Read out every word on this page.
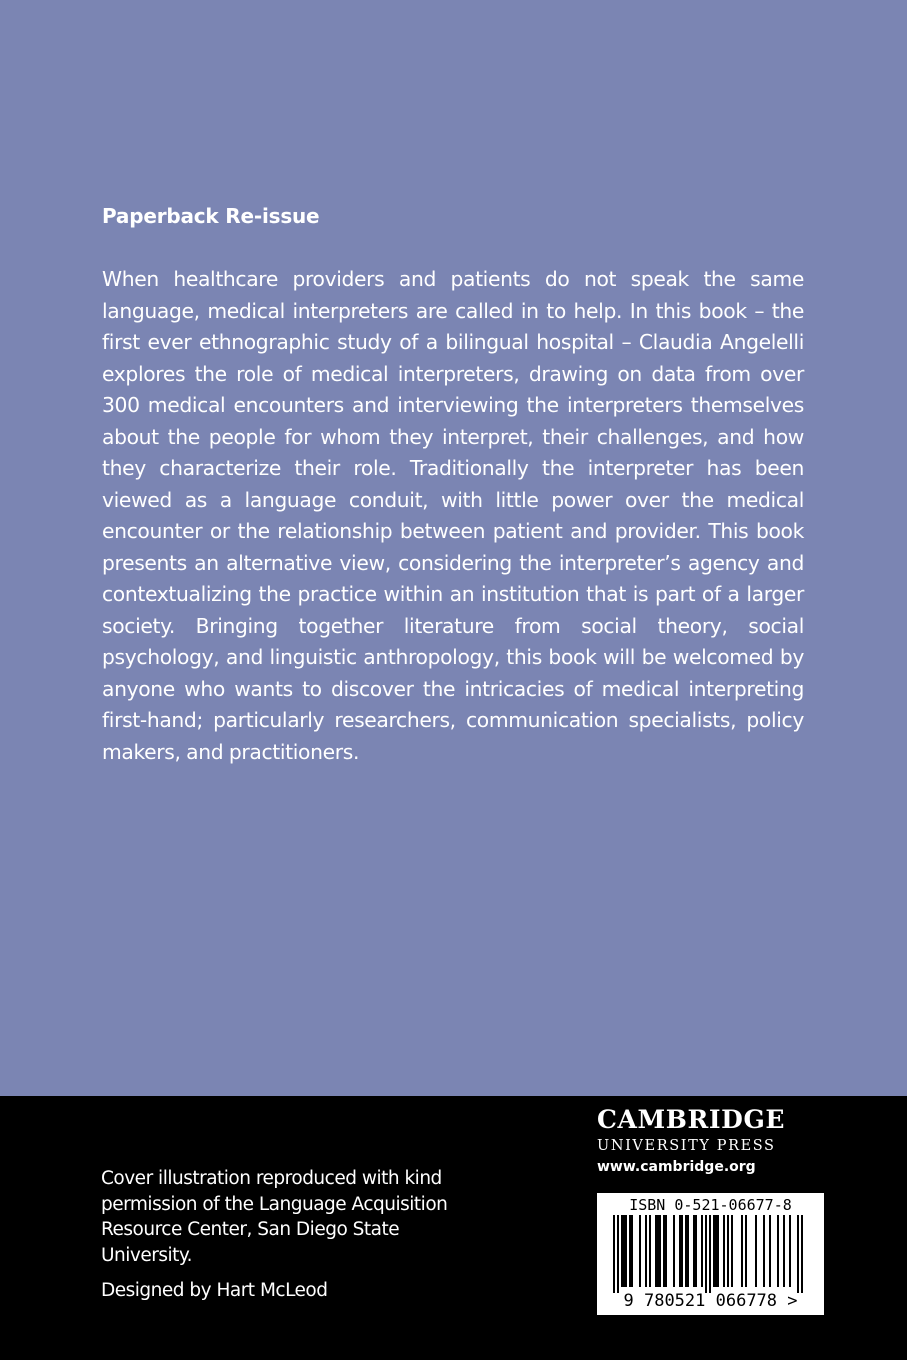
Paperback Re-issue
When healthcare providers and patients do not speak the same language, medical interpreters are called in to help. In this book – the first ever ethnographic study of a bilingual hospital – Claudia Angelelli explores the role of medical interpreters, drawing on data from over 300 medical encounters and interviewing the interpreters themselves about the people for whom they interpret, their challenges, and how they characterize their role. Traditionally the interpreter has been viewed as a language conduit, with little power over the medical encounter or the relationship between patient and provider. This book presents an alternative view, considering the interpreter’s agency and contextualizing the practice within an institution that is part of a larger society. Bringing together literature from social theory, social psychology, and linguistic anthropology, this book will be welcomed by anyone who wants to discover the intricacies of medical interpreting first-hand; particularly researchers, communication specialists, policy makers, and practitioners.
Cover illustration reproduced with kind permission of the Language Acquisition Resource Center, San Diego State University.
Designed by Hart McLeod
CAMBRIDGE
UNIVERSITY PRESS
www.cambridge.org
ISBN 0-521-06677-8
9 780521 066778 >
